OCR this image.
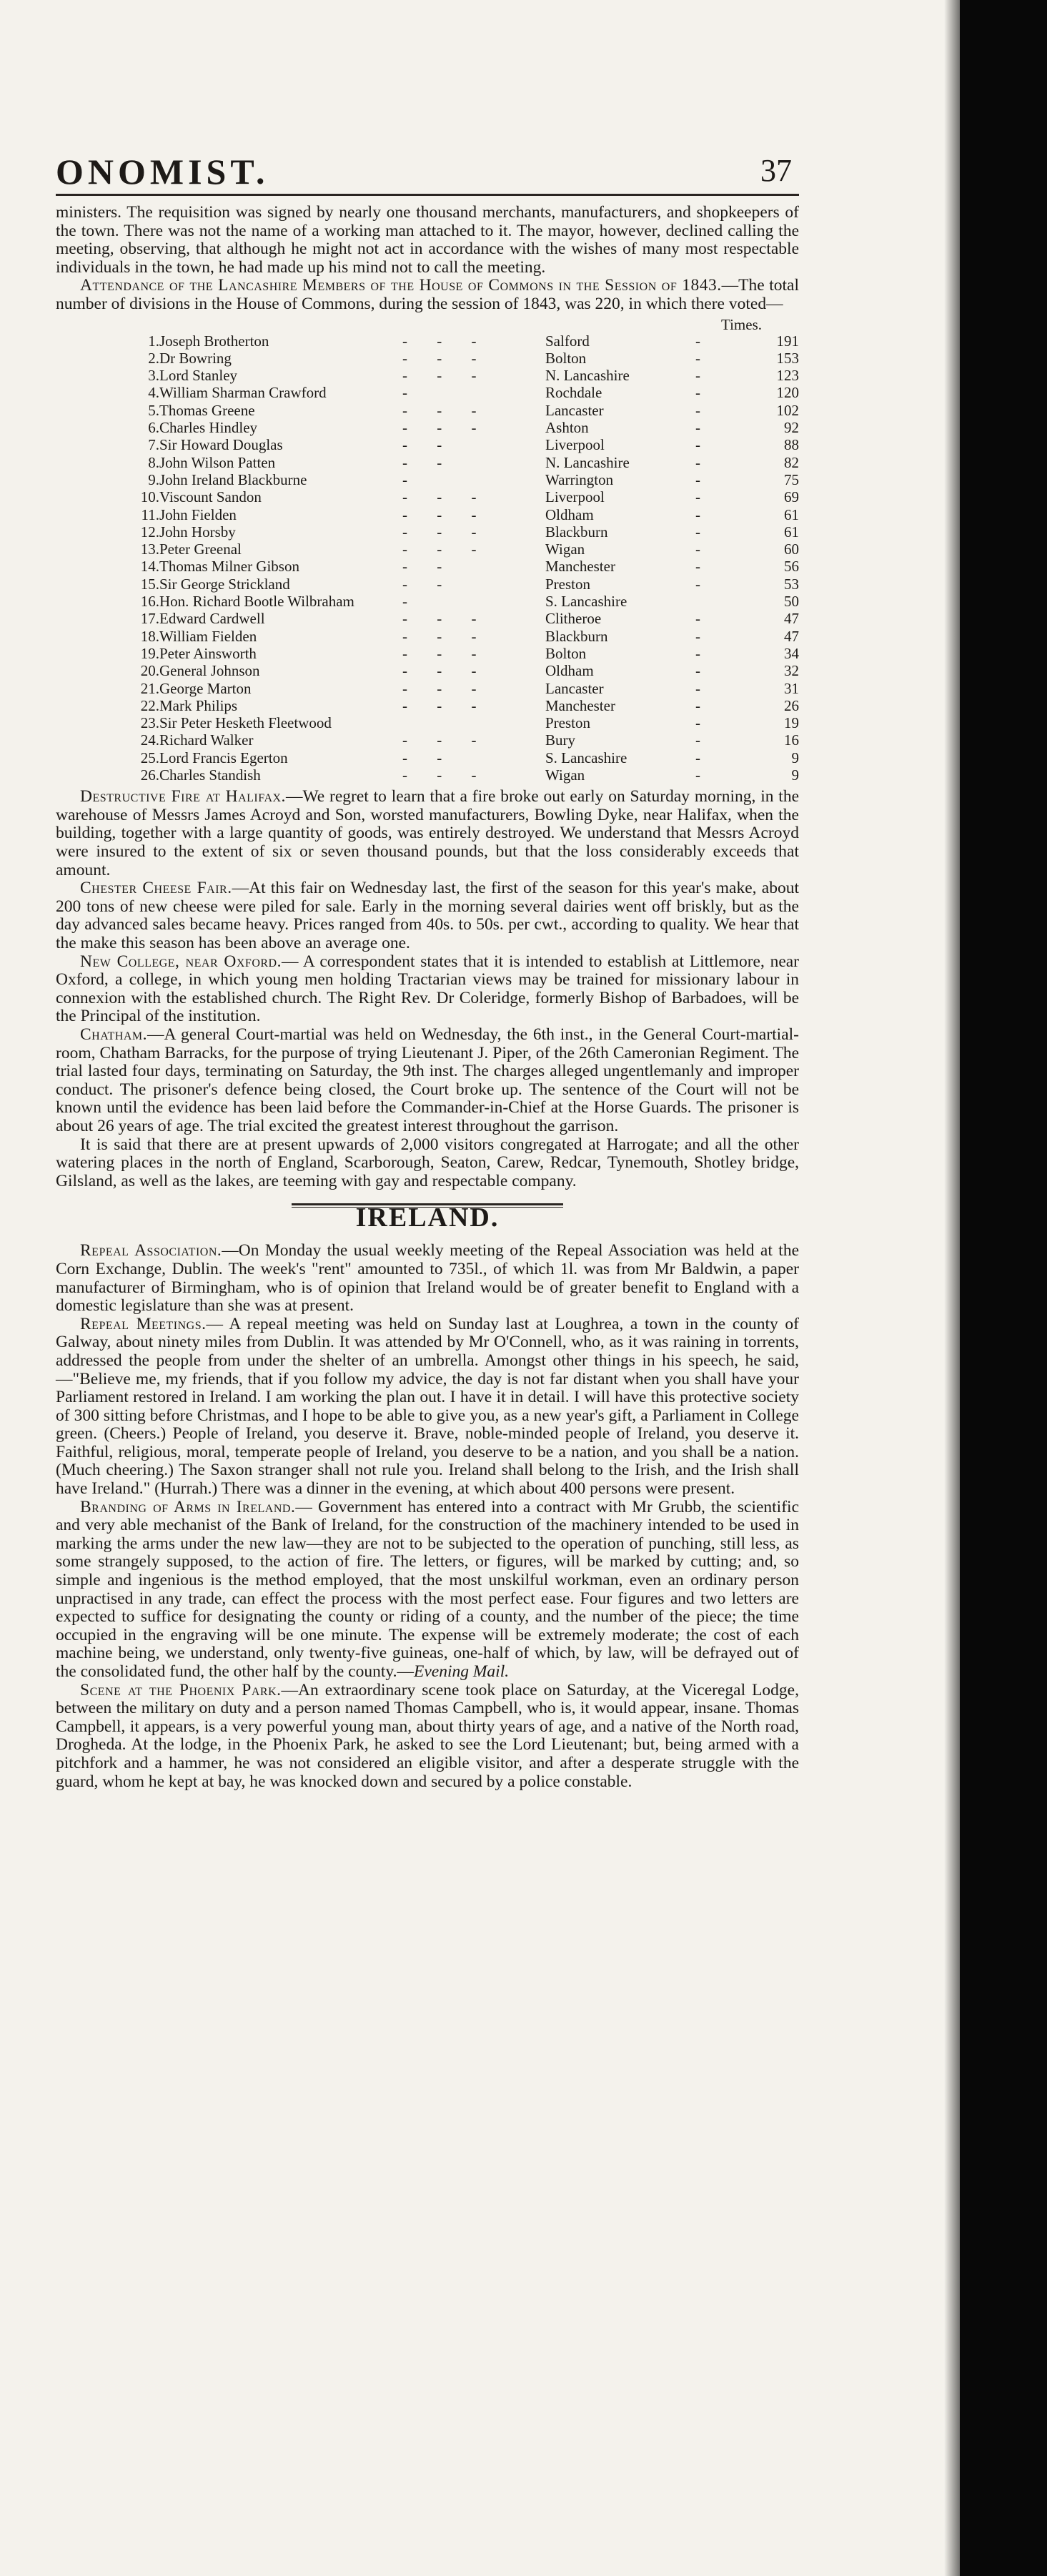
ONOMIST.	37

ministers. The requisition was signed by nearly one thousand merchants, manufacturers, and shopkeepers of the town. There was not the name of a working man attached to it. The mayor, however, declined calling the meeting, observing, that although he might not act in accordance with the wishes of many most respectable individuals in the town, he had made up his mind not to call the meeting.

Attendance of the Lancashire Members of the House of Commons in the Session of 1843.—The total number of divisions in the House of Commons, during the session of 1843, was 220, in which there voted—

Times.
1.	Joseph Brotherton	- - -	Salford	-	191
2.	Dr Bowring	- - -	Bolton	-	153
3.	Lord Stanley	- - -	N. Lancashire	-	123
4.	William Sharman Crawford	-	Rochdale	-	120
5.	Thomas Greene	- - -	Lancaster	-	102
6.	Charles Hindley	- - -	Ashton	-	92
7.	Sir Howard Douglas	- -	Liverpool	-	88
8.	John Wilson Patten	- -	N. Lancashire	-	82
9.	John Ireland Blackburne	-	Warrington	-	75
10.	Viscount Sandon	- - -	Liverpool	-	69
11.	John Fielden	- - -	Oldham	-	61
12.	John Horsby	- - -	Blackburn	-	61
13.	Peter Greenal	- - -	Wigan	-	60
14.	Thomas Milner Gibson	- -	Manchester	-	56
15.	Sir George Strickland	- -	Preston	-	53
16.	Hon. Richard Bootle Wilbraham	-	S. Lancashire		50
17.	Edward Cardwell	- - -	Clitheroe	-	47
18.	William Fielden	- - -	Blackburn	-	47
19.	Peter Ainsworth	- - -	Bolton	-	34
20.	General Johnson	- - -	Oldham	-	32
21.	George Marton	- - -	Lancaster	-	31
22.	Mark Philips	- - -	Manchester	-	26
23.	Sir Peter Hesketh Fleetwood		Preston	-	19
24.	Richard Walker	- - -	Bury	-	16
25.	Lord Francis Egerton	- -	S. Lancashire	-	9
26.	Charles Standish	- - -	Wigan	-	9

Destructive Fire at Halifax.—We regret to learn that a fire broke out early on Saturday morning, in the warehouse of Messrs James Acroyd and Son, worsted manufacturers, Bowling Dyke, near Halifax, when the building, together with a large quantity of goods, was entirely destroyed. We understand that Messrs Acroyd were insured to the extent of six or seven thousand pounds, but that the loss considerably exceeds that amount.

Chester Cheese Fair.—At this fair on Wednesday last, the first of the season for this year's make, about 200 tons of new cheese were piled for sale. Early in the morning several dairies went off briskly, but as the day advanced sales became heavy. Prices ranged from 40s. to 50s. per cwt., according to quality. We hear that the make this season has been above an average one.

New College, near Oxford.— A correspondent states that it is intended to establish at Littlemore, near Oxford, a college, in which young men holding Tractarian views may be trained for missionary labour in connexion with the established church. The Right Rev. Dr Coleridge, formerly Bishop of Barbadoes, will be the Principal of the institution.

Chatham.—A general Court-martial was held on Wednesday, the 6th inst., in the General Court-martial-room, Chatham Barracks, for the purpose of trying Lieutenant J. Piper, of the 26th Cameronian Regiment. The trial lasted four days, terminating on Saturday, the 9th inst. The charges alleged ungentlemanly and improper conduct. The prisoner's defence being closed, the Court broke up. The sentence of the Court will not be known until the evidence has been laid before the Commander-in-Chief at the Horse Guards. The prisoner is about 26 years of age. The trial excited the greatest interest throughout the garrison.

It is said that there are at present upwards of 2,000 visitors congregated at Harrogate; and all the other watering places in the north of England, Scarborough, Seaton, Carew, Redcar, Tynemouth, Shotley bridge, Gilsland, as well as the lakes, are teeming with gay and respectable company.

IRELAND.

Repeal Association.—On Monday the usual weekly meeting of the Repeal Association was held at the Corn Exchange, Dublin. The week's "rent" amounted to 735l., of which 1l. was from Mr Baldwin, a paper manufacturer of Birmingham, who is of opinion that Ireland would be of greater benefit to England with a domestic legislature than she was at present.

Repeal Meetings.— A repeal meeting was held on Sunday last at Loughrea, a town in the county of Galway, about ninety miles from Dublin. It was attended by Mr O'Connell, who, as it was raining in torrents, addressed the people from under the shelter of an umbrella. Amongst other things in his speech, he said,—"Believe me, my friends, that if you follow my advice, the day is not far distant when you shall have your Parliament restored in Ireland. I am working the plan out. I have it in detail. I will have this protective society of 300 sitting before Christmas, and I hope to be able to give you, as a new year's gift, a Parliament in College green. (Cheers.) People of Ireland, you deserve it. Brave, noble-minded people of Ireland, you deserve it. Faithful, religious, moral, temperate people of Ireland, you deserve to be a nation, and you shall be a nation. (Much cheering.) The Saxon stranger shall not rule you. Ireland shall belong to the Irish, and the Irish shall have Ireland." (Hurrah.) There was a dinner in the evening, at which about 400 persons were present.

Branding of Arms in Ireland.— Government has entered into a contract with Mr Grubb, the scientific and very able mechanist of the Bank of Ireland, for the construction of the machinery intended to be used in marking the arms under the new law—they are not to be subjected to the operation of punching, still less, as some strangely supposed, to the action of fire. The letters, or figures, will be marked by cutting; and, so simple and ingenious is the method employed, that the most unskilful workman, even an ordinary person unpractised in any trade, can effect the process with the most perfect ease. Four figures and two letters are expected to suffice for designating the county or riding of a county, and the number of the piece; the time occupied in the engraving will be one minute. The expense will be extremely moderate; the cost of each machine being, we understand, only twenty-five guineas, one-half of which, by law, will be defrayed out of the consolidated fund, the other half by the county.—Evening Mail.

Scene at the Phoenix Park.—An extraordinary scene took place on Saturday, at the Viceregal Lodge, between the military on duty and a person named Thomas Campbell, who is, it would appear, insane. Thomas Campbell, it appears, is a very powerful young man, about thirty years of age, and a native of the North road, Drogheda. At the lodge, in the Phoenix Park, he asked to see the Lord Lieutenant; but, being armed with a pitchfork and a hammer, he was not considered an eligible visitor, and after a desperate struggle with the guard, whom he kept at bay, he was knocked down and secured by a police constable.
